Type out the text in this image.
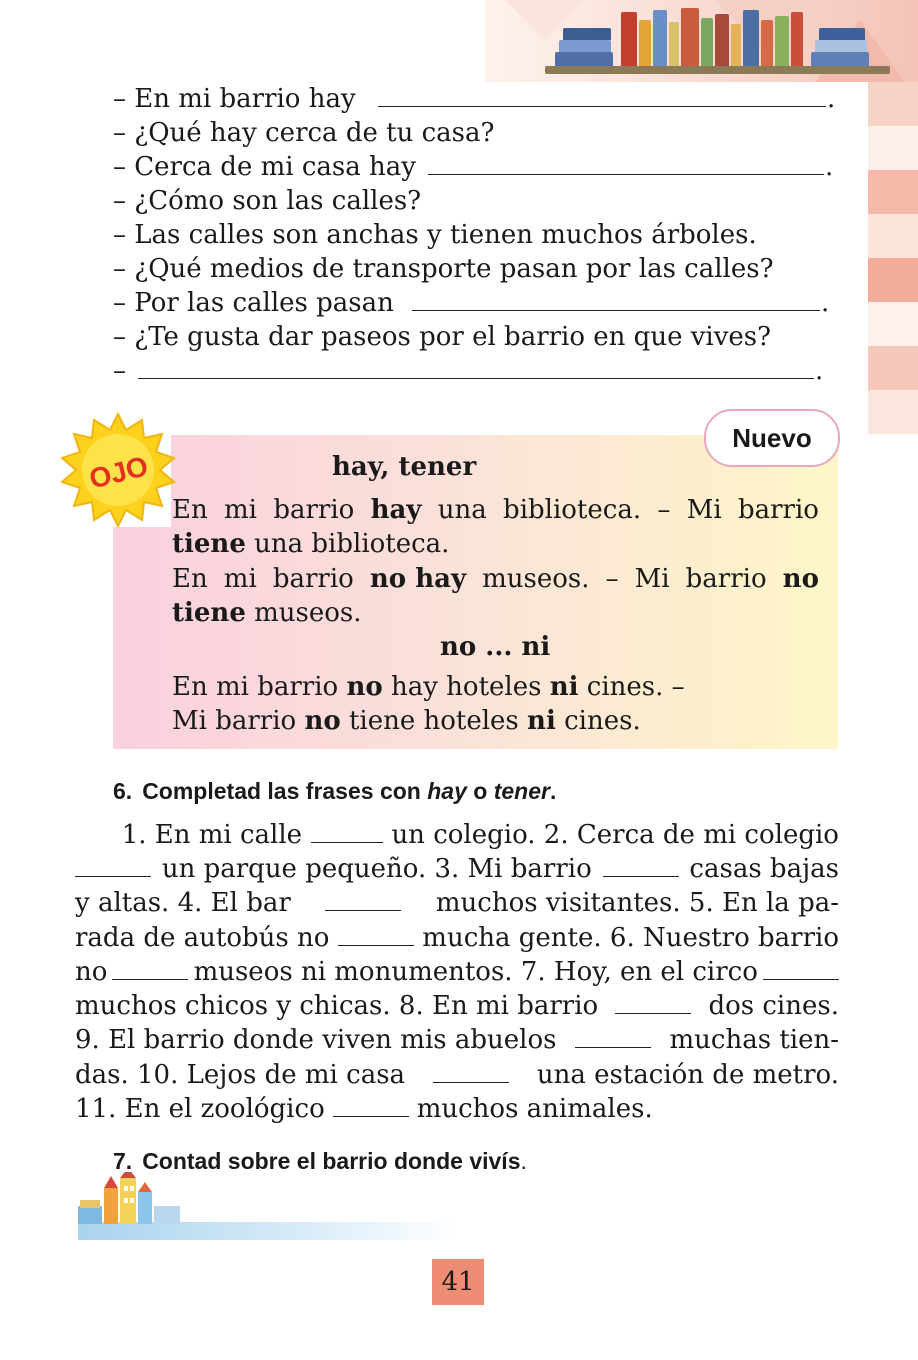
– En mi barrio hay	.
– ¿Qué hay cerca de tu casa?
– Cerca de mi casa hay	.
– ¿Cómo son las calles?
– Las calles son anchas y tienen muchos árboles.
– ¿Qué medios de transporte pasan por las calles?
– Por las calles pasan	.
– ¿Te gusta dar paseos por el barrio en que vives?
–	.
OJO
Nuevo
hay, tener
En mi barrio hay una biblioteca. – Mi barrio
tiene una biblioteca.
En mi barrio no hay museos. – Mi barrio no
tiene museos.
no ... ni
En mi barrio no hay hoteles ni cines. –
Mi barrio no tiene hoteles ni cines.
6. Completad las frases con hay o tener.
1. En mi calle	un colegio. 2. Cerca de mi colegio
un parque pequeño. 3. Mi barrio	casas bajas
y altas. 4. El bar	muchos visitantes. 5. En la pa-
rada de autobús no	mucha gente. 6. Nuestro barrio
no	museos ni monumentos. 7. Hoy, en el circo
muchos chicos y chicas. 8. En mi barrio	dos cines.
9. El barrio donde viven mis abuelos	muchas tien-
das. 10. Lejos de mi casa	una estación de metro.
11. En el zoológico	muchos animales.
7. Contad sobre el barrio donde vivís.
41
